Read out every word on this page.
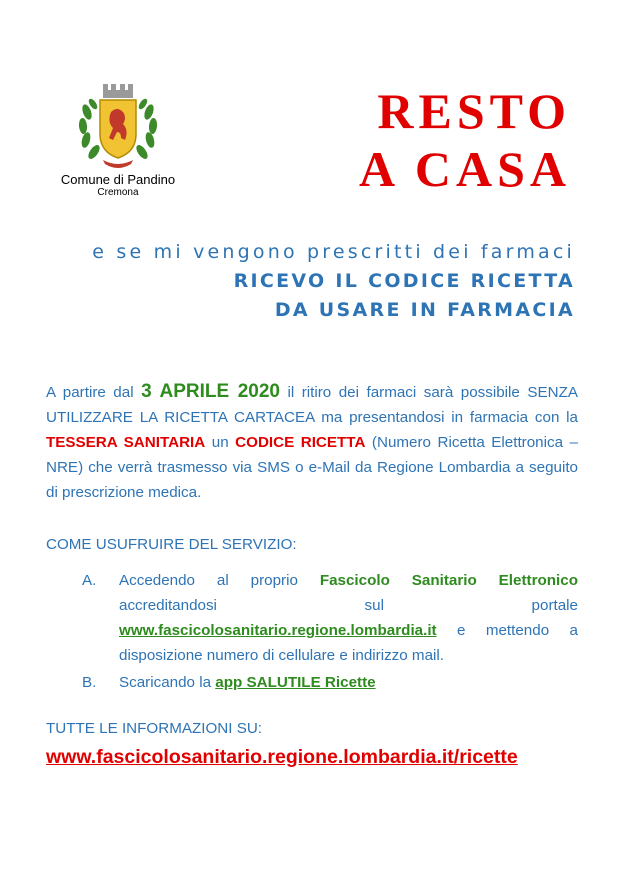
Comune di Pandino
Cremona
RESTO
A CASA
e se mi vengono prescritti dei farmaci
RICEVO IL CODICE RICETTA
DA USARE IN FARMACIA
A partire dal 3 APRILE 2020 il ritiro dei farmaci sarà possibile SENZA UTILIZZARE LA RICETTA CARTACEA ma presentandosi in farmacia con la TESSERA SANITARIA un CODICE RICETTA (Numero Ricetta Elettronica – NRE) che verrà trasmesso via SMS o e-Mail da Regione Lombardia a seguito di prescrizione medica.
COME USUFRUIRE DEL SERVIZIO:
A.	Accedendo al proprio Fascicolo Sanitario Elettronico accreditandosi sul portale www.fascicolosanitario.regione.lombardia.it e mettendo a disposizione numero di cellulare e indirizzo mail.
B.	Scaricando la app SALUTILE Ricette
TUTTE LE INFORMAZIONI SU:
www.fascicolosanitario.regione.lombardia.it/ricette
